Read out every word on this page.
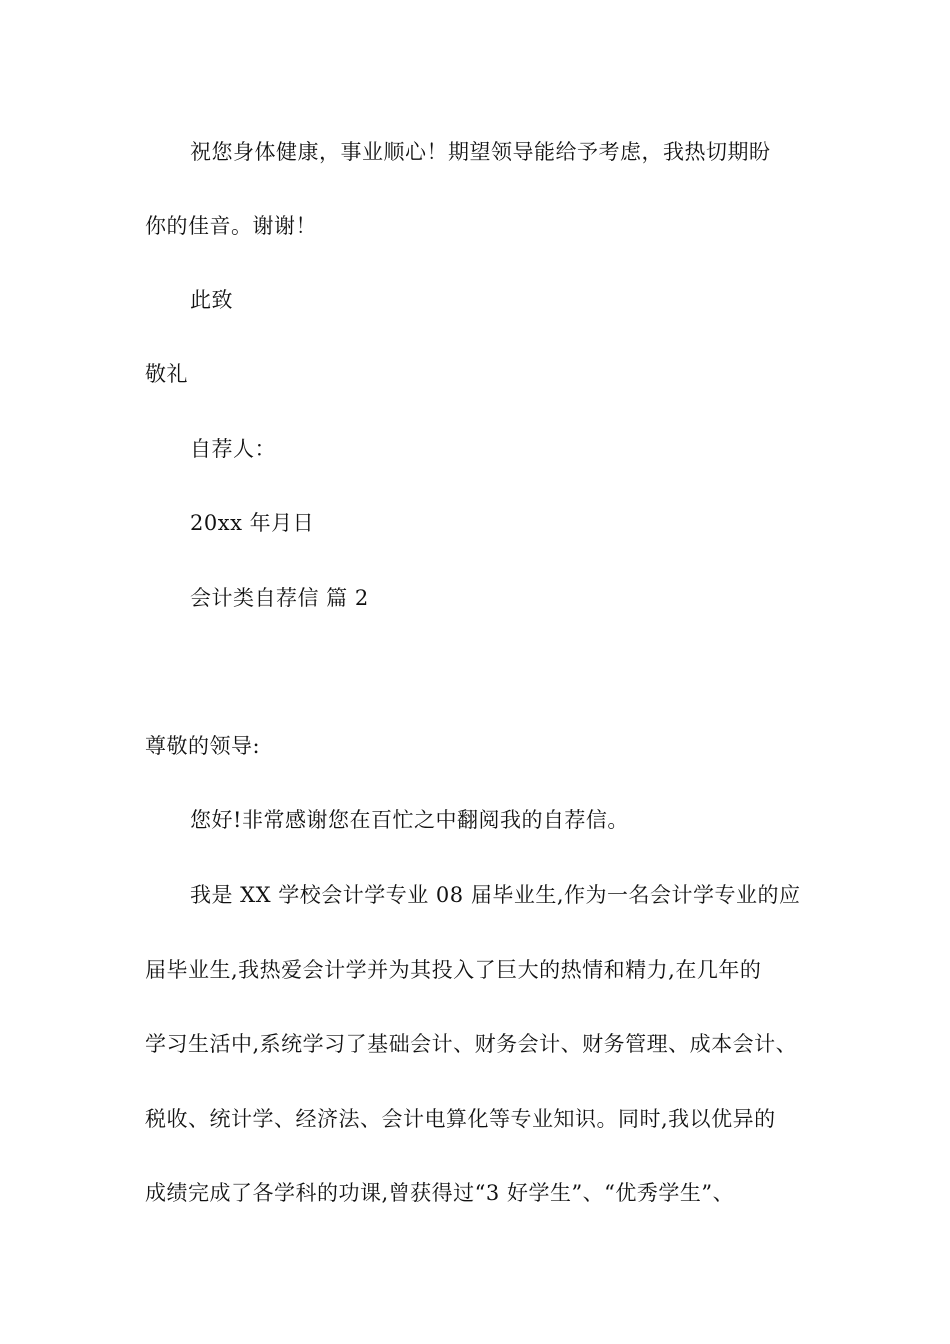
祝您身体健康，事业顺心！期望领导能给予考虑，我热切期盼
你的佳音。谢谢！
此致
敬礼
自荐人：
20xx 年月日
会计类自荐信 篇 2
尊敬的领导:
您好!非常感谢您在百忙之中翻阅我的自荐信。
我是 XX 学校会计学专业 08 届毕业生,作为一名会计学专业的应
届毕业生,我热爱会计学并为其投入了巨大的热情和精力,在几年的
学习生活中,系统学习了基础会计、财务会计、财务管理、成本会计、
税收、统计学、经济法、会计电算化等专业知识。同时,我以优异的
成绩完成了各学科的功课,曾获得过“3 好学生”、“优秀学生”、
